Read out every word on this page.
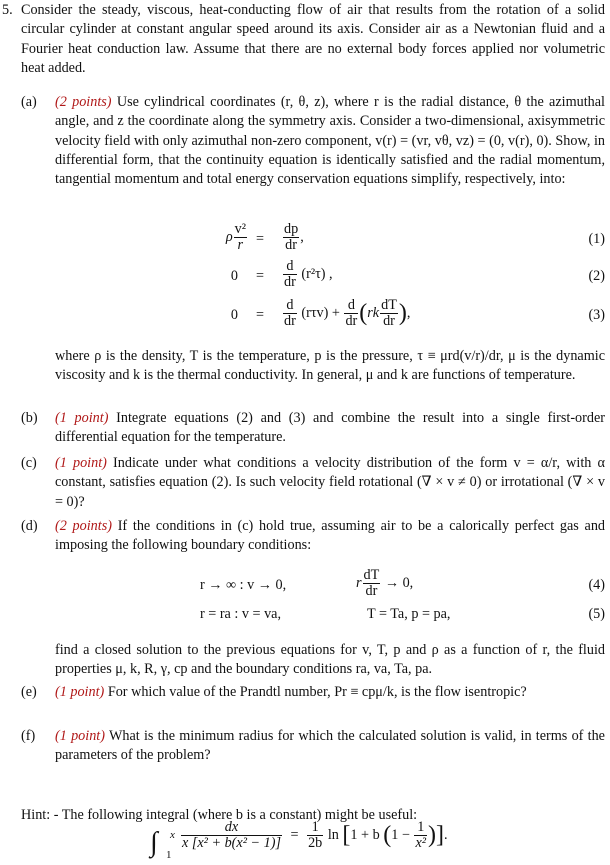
5. Consider the steady, viscous, heat-conducting flow of air that results from the rotation of a solid circular cylinder at constant angular speed around its axis. Consider air as a Newtonian fluid and a Fourier heat conduction law. Assume that there are no external body forces applied nor volumetric heat added.
(a)	(2 points) Use cylindrical coordinates (r, θ, z), where r is the radial distance, θ the azimuthal angle, and z the coordinate along the symmetry axis. Consider a two-dimensional, axisymmetric velocity field with only azimuthal non-zero component, v(r) = (vr, vθ, vz) = (0, v(r), 0). Show, in differential form, that the continuity equation is identically satisfied and the radial momentum, tangential momentum and total energy conservation equations simplify, respectively, into:
ρ $\frac{\text{v²}}{r} = \frac{dp}{dr}$ ,	(1)
$0 = \frac{d}{dr} (r^2\tau)$ ,	(2)
$0 = \frac{d}{dr} (r\tau v) + \frac{d}{dr} (rk \frac{dT}{dr}$ ),	(3)
where ρ is the density, T is the temperature, p is the pressure, τ ≡ μrd(v/r)/dr, μ is the dynamic viscosity and k is the thermal conductivity. In general, μ and k are functions of temperature.
(b)	(1 point) Integrate equations (2) and (3) and combine the result into a single first-order differential equation for the temperature.
(c)	(1 point) Indicate under what conditions a velocity distribution of the form v = α/r, with α constant, satisfies equation (2). Is such velocity field rotational (∇ × v ≠ 0) or irrotational (∇ × v = 0)?
(d)	(2 points) If the conditions in (c) hold true, assuming air to be a calorically perfect gas and imposing the following boundary conditions:
r → ∞ : v → 0,	r $\frac{dT}{dr} \to 0$,	(4)
r = ra : v = va,	T = Ta, p = pa,	(5)
find a closed solution to the previous equations for v, T, p and ρ as a function of r, the fluid properties μ, k, R, γ, cp and the boundary conditions ra, va, Ta, pa.
(e)	(1 point) For which value of the Prandtl number, Pr ≡ cpμ/k, is the flow isentropic?
(f)	(1 point) What is the minimum radius for which the calculated solution is valid, in terms of the parameters of the problem?
Hint: - The following integral (where b is a constant) might be useful:
∫ x
1
$\frac{dx}{\text{x [x² + b(x² − 1)]}} = \frac{1}{2b}$ ln [1 + b ($1 - \frac{1}{\text{x²}}$ )].
